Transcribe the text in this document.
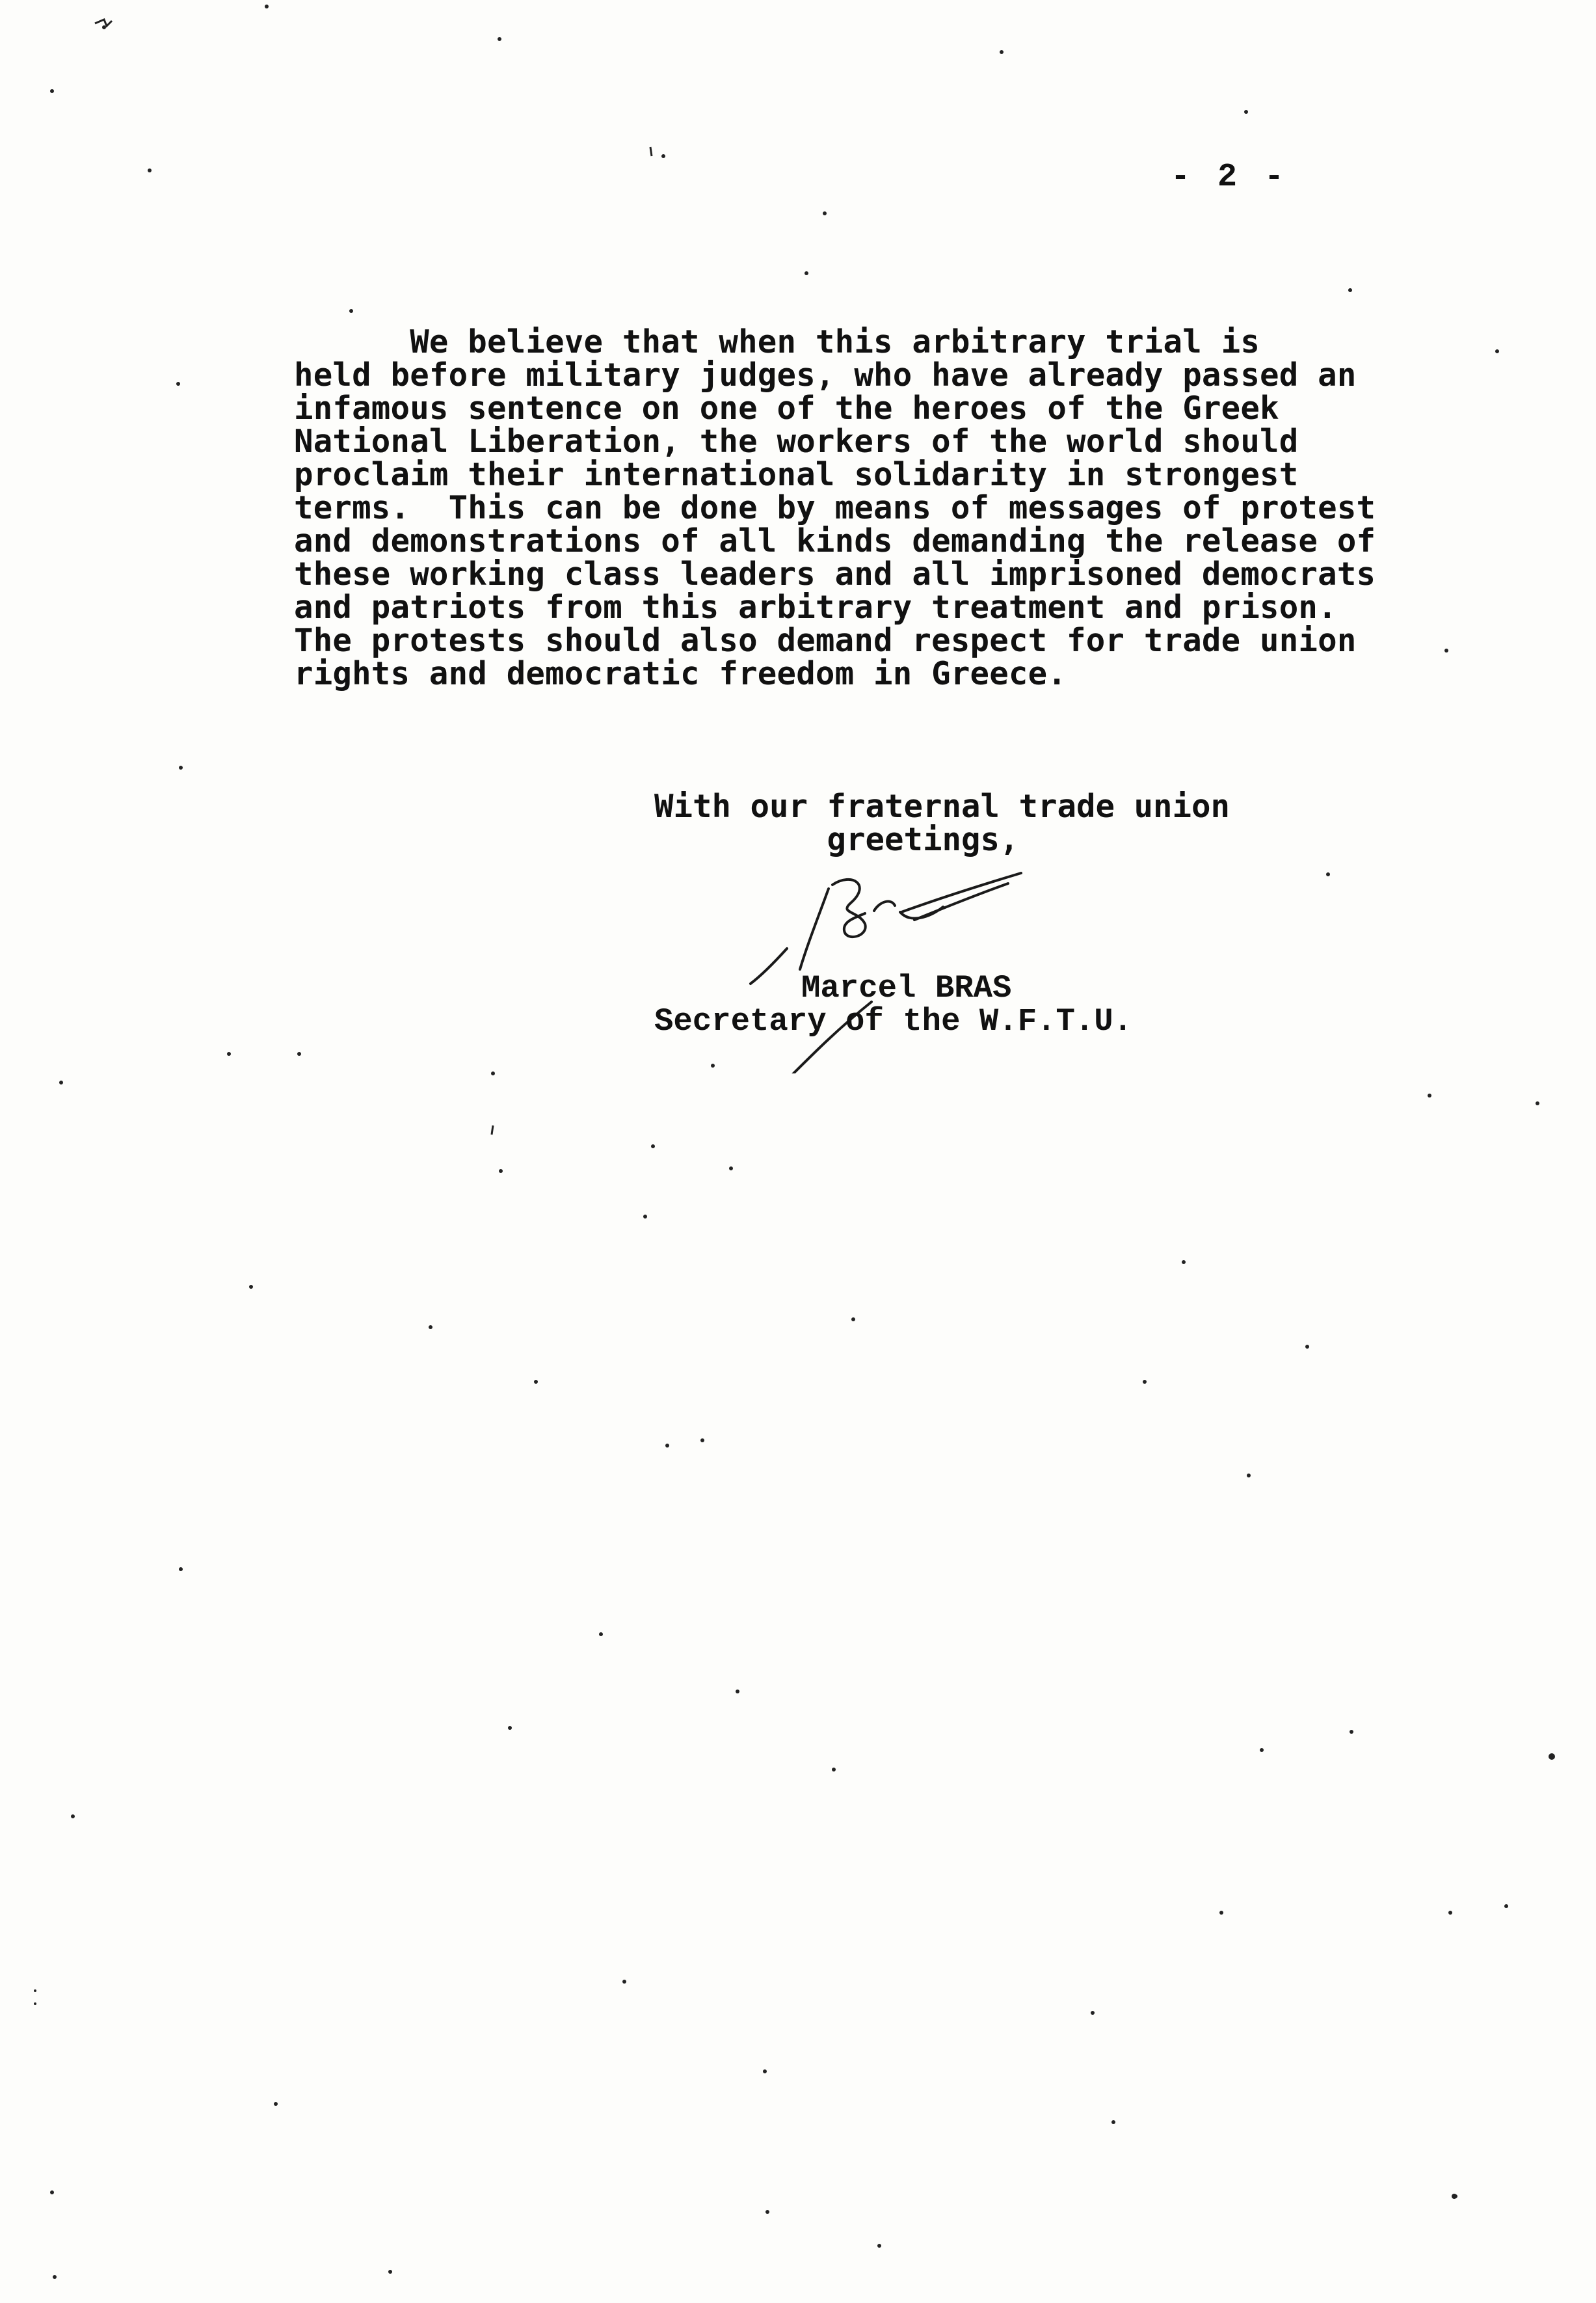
- 2 -
We believe that when this arbitrary trial is
held before military judges, who have already passed an
infamous sentence on one of the heroes of the Greek
National Liberation, the workers of the world should
proclaim their international solidarity in strongest
terms.  This can be done by means of messages of protest
and demonstrations of all kinds demanding the release of
these working class leaders and all imprisoned democrats
and patriots from this arbitrary treatment and prison.
The protests should also demand respect for trade union
rights and democratic freedom in Greece.
With our fraternal trade union
greetings,
Marcel BRAS
Secretary of the W.F.T.U.
